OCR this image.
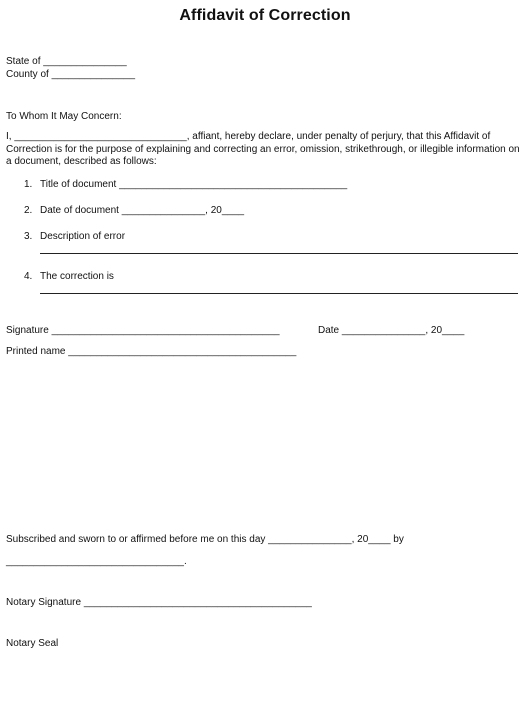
Affidavit of Correction
State of _______________
County of _______________
To Whom It May Concern:
I, _______________________________, affiant, hereby declare, under penalty of perjury, that this Affidavit of Correction is for the purpose of explaining and correcting an error, omission, strikethrough, or illegible information on a document, described as follows:
1. Title of document _________________________________________
2. Date of document _______________, 20____
3. Description of error
4. The correction is
Signature _________________________________________	Date _______________, 20____
Printed name _________________________________________
Subscribed and sworn to or affirmed before me on this day _______________, 20____ by
________________________________.
Notary Signature _________________________________________
Notary Seal
